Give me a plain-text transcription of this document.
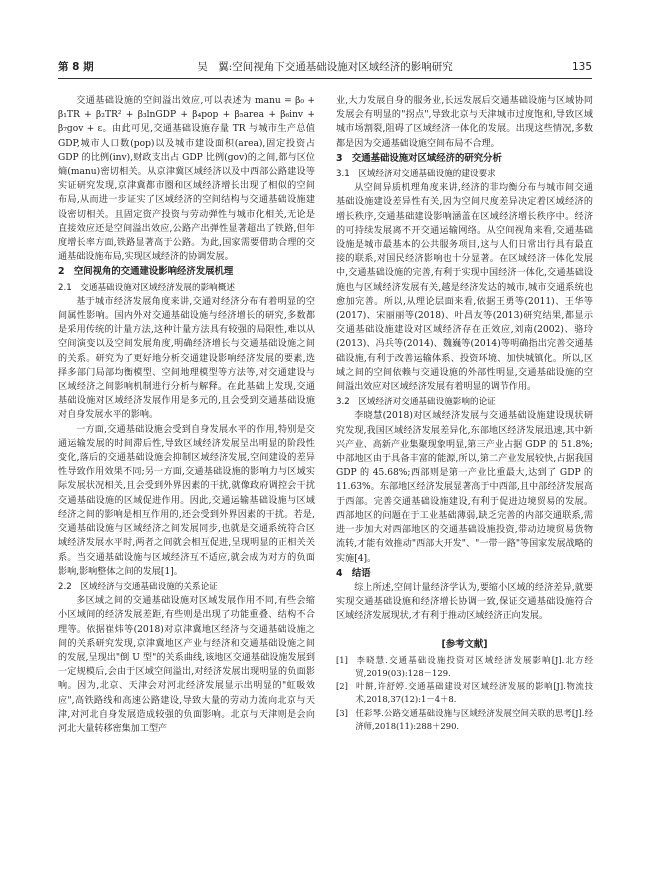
第 8 期	吴　翼:空间视角下交通基础设施对区域经济的影响研究	135

交通基础设施的空间溢出效应,可以表述为 manu = β₀ + β₁TR + β₂TR² + β₃lnGDP + β₄pop + β₅area + β₆inv + β₇gov + ε。由此可见,交通基础设施存量 TR 与城市生产总值 GDP,城市人口数(pop)以及城市建设面积(area),固定投资占 GDP 的比例(inv),财政支出占 GDP 比例(gov)的之间,都与区位熵(manu)密切相关。从京津冀区域经济以及中西部公路建设等实证研究发现,京津冀都市圈和区域经济增长出现了相似的空间布局,从而进一步证实了区域经济的空间结构与交通基础设施建设密切相关。且固定资产投资与劳动弹性与城市化相关,无论是直接效应还是空间溢出效应,公路产出弹性显著超出了铁路,但年度增长率方面,铁路显著高于公路。为此,国家需要借助合理的交通基础设施布局,实现区域经济的协调发展。

2　空间视角的交通建设影响经济发展机理
2.1　交通基础设施对区域经济发展的影响概述

基于城市经济发展角度来讲,交通对经济分布有着明显的空间属性影响。国内外对交通基础设施与经济增长的研究,多数都是采用传统的计量方法,这种计量方法具有较强的局限性,难以从空间演变以及空间发展角度,明确经济增长与交通基础设施之间的关系。研究为了更好地分析交通建设影响经济发展的要素,选择多部门局部均衡模型、空间地理模型等方法等,对交通建设与区域经济之间影响机制进行分析与解释。在此基础上发现,交通基础设施对区域经济发展作用是多元的,且会受到交通基础设施对自身发展水平的影响。

一方面,交通基础设施会受到自身发展水平的作用,特别是交通运输发展的时间滞后性,导致区域经济发展呈出明显的阶段性变化,落后的交通基础设施会抑制区域经济发展,空间建设的差异性导致作用效果不同;另一方面,交通基础设施的影响力与区域实际发展状况相关,且会受到外界因素的干扰,就像政府调控会干扰交通基础设施的区域促进作用。因此,交通运输基础设施与区域经济之间的影响是相互作用的,还会受到外界因素的干扰。若是,交通基础设施与区域经济之间发展同步,也就是交通系统符合区域经济发展水平时,两者之间就会相互促进,呈现明显的正相关关系。当交通基础设施与区域经济互不适应,就会成为对方的负面影响,影响整体之间的发展[1]。

2.2　区域经济与交通基础设施的关系论证

多区域之间的交通基础设施对区域发展作用不同,有些会缩小区域间的经济发展差距,有些则是出现了功能重叠、结构不合理等。依据崔炜等(2018)对京津冀地区经济与交通基础设施之间的关系研究发现,京津冀地区产业与经济和交通基础设施之间的发展,呈现出"倒 U 型"的关系曲线,该地区交通基础设施发展到一定规模后,会由于区域空间溢出,对经济发展出现明显的负面影响。因为,北京、天津会对河北经济发展显示出明显的"虹吸效应",高铁路线和高速公路建设,导致大量的劳动力流向北京与天津,对河北自身发展造成较强的负面影响。北京与天津则是会向河北大量转移密集加工型产

业,大力发展自身的服务业,长远发展后交通基础设施与区域协同发展会有明显的"拐点",导致北京与天津城市过度饱和,导致区域城市场割裂,阻碍了区域经济一体化的发展。出现这些情况,多数都是因为交通基础设施空间布局不合理。

3　交通基础设施对区域经济的研究分析
3.1　区域经济对交通基础设施的建设要求

从空间异质机理角度来讲,经济的非均衡分布与城市间交通基础设施建设差异性有关,因为空间尺度差异决定着区域经济的增长秩序,交通基础建设影响涵盖在区域经济增长秩序中。经济的可持续发展离不开交通运输网络。从空间视角来看,交通基础设施是城市最基本的公共服务项目,这与人们日常出行具有最直接的联系,对国民经济影响也十分显著。在区域经济一体化发展中,交通基础设施的完善,有利于实现中国经济一体化,交通基础设施也与区域经济发展有关,越是经济发达的城市,城市交通系统也愈加完善。所以,从理论层面来看,依据王勇等(2011)、王华等(2017)、宋丽丽等(2018)、叶昌友等(2013)研究结果,都显示交通基础设施建设对区域经济存在正效应,刘南(2002)、骆玲(2013)、冯兵等(2014)、魏巍等(2014)等明确指出完善交通基础设施,有利于改善运输体系、投资环境、加快城镇化。所以,区域之间的空间依赖与交通设施的外部性明显,交通基础设施的空间溢出效应对区域经济发展有着明显的调节作用。

3.2　区域经济对交通基础设施影响的论证

李晓慧(2018)对区域经济发展与交通基础设施建设现状研究发现,我国区域经济发展差异化,东部地区经济发展迅速,其中新兴产业、高新产业集聚现象明显,第三产业占据 GDP 的 51.8%;中部地区由于具备丰富的能源,所以,第二产业发展较快,占据我国 GDP 的 45.68%;西部则是第一产业比重最大,达到了 GDP 的 11.63%。东部地区经济发展显著高于中西部,且中部经济发展高于西部。完善交通基础设施建设,有利于促进边境贸易的发展。西部地区的问题在于工业基础薄弱,缺乏完善的内部交通联系,需进一步加大对西部地区的交通基础设施投资,带动边境贸易货物流转,才能有效推动"西部大开发"、"一带一路"等国家发展战略的实施[4]。

4　结语

综上所述,空间计量经济学认为,要缩小区域的经济差异,就要实现交通基础设施和经济增长协调一致,保证交通基础设施符合区域经济发展现状,才有利于推动区域经济正向发展。

[参考文献]
[1] 李晓慧.交通基础设施投资对区域经济发展影响[J].北方经贸,2019(03):128－129.
[2] 叶餅,许舒婷.交通基础建设对区域经济发展的影响[J].物流技术,2018,37(12):1－4＋8.
[3] 任彩琴.公路交通基础设施与区域经济发展空间关联的思考[J].经济师,2018(11):288＋290.
